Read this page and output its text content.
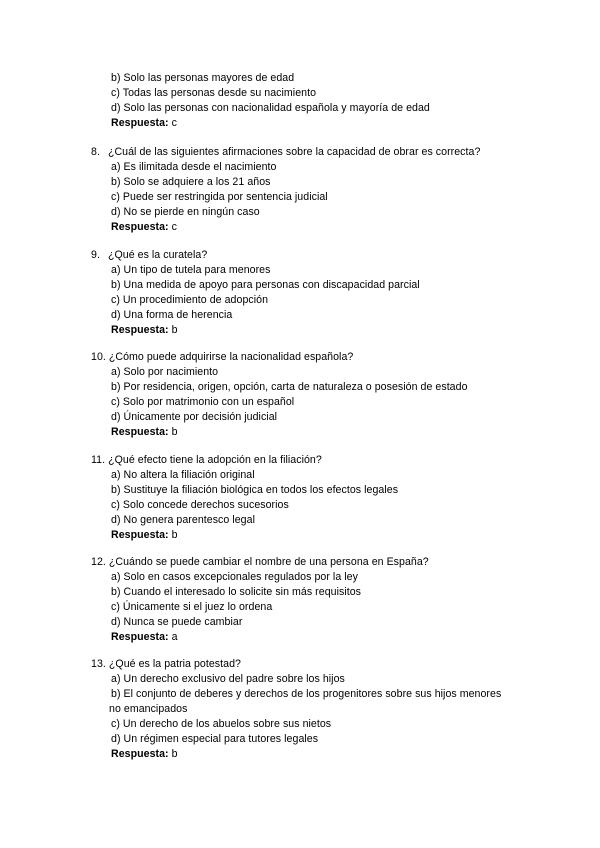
b) Solo las personas mayores de edad
c) Todas las personas desde su nacimiento
d) Solo las personas con nacionalidad española y mayoría de edad
Respuesta: c
8. ¿Cuál de las siguientes afirmaciones sobre la capacidad de obrar es correcta?
a) Es ilimitada desde el nacimiento
b) Solo se adquiere a los 21 años
c) Puede ser restringida por sentencia judicial
d) No se pierde en ningún caso
Respuesta: c
9. ¿Qué es la curatela?
a) Un tipo de tutela para menores
b) Una medida de apoyo para personas con discapacidad parcial
c) Un procedimiento de adopción
d) Una forma de herencia
Respuesta: b
10. ¿Cómo puede adquirirse la nacionalidad española?
a) Solo por nacimiento
b) Por residencia, origen, opción, carta de naturaleza o posesión de estado
c) Solo por matrimonio con un español
d) Únicamente por decisión judicial
Respuesta: b
11. ¿Qué efecto tiene la adopción en la filiación?
a) No altera la filiación original
b) Sustituye la filiación biológica en todos los efectos legales
c) Solo concede derechos sucesorios
d) No genera parentesco legal
Respuesta: b
12. ¿Cuándo se puede cambiar el nombre de una persona en España?
a) Solo en casos excepcionales regulados por la ley
b) Cuando el interesado lo solicite sin más requisitos
c) Únicamente si el juez lo ordena
d) Nunca se puede cambiar
Respuesta: a
13. ¿Qué es la patria potestad?
a) Un derecho exclusivo del padre sobre los hijos
b) El conjunto de deberes y derechos de los progenitores sobre sus hijos menores
no emancipados
c) Un derecho de los abuelos sobre sus nietos
d) Un régimen especial para tutores legales
Respuesta: b
